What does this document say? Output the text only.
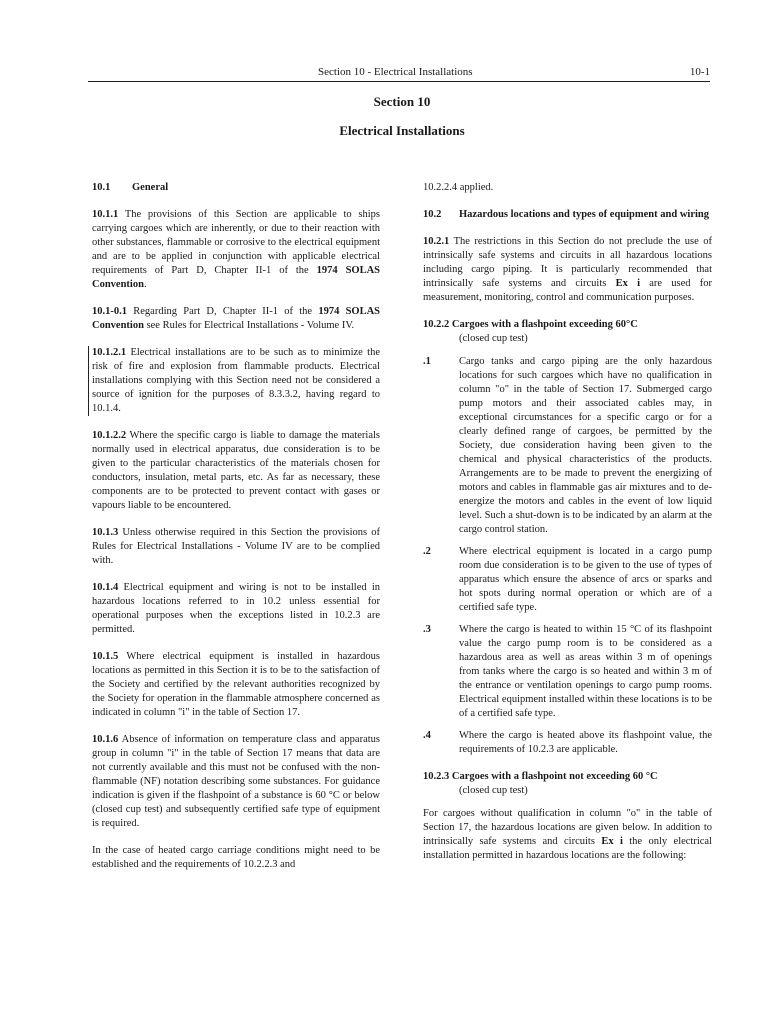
Section 10 - Electrical Installations	10-1
Section 10
Electrical Installations
10.1 General

10.1.1 The provisions of this Section are applicable to ships carrying cargoes which are inherently, or due to their reaction with other substances, flammable or corrosive to the electrical equipment and are to be applied in conjunction with applicable electrical requirements of Part D, Chapter II-1 of the 1974 SOLAS Convention.

10.1-0.1 Regarding Part D, Chapter II-1 of the 1974 SOLAS Convention see Rules for Electrical Installations - Volume IV.

10.1.2.1 Electrical installations are to be such as to minimize the risk of fire and explosion from flammable products. Electrical installations complying with this Section need not be considered a source of ignition for the purposes of 8.3.3.2, having regard to 10.1.4.

10.1.2.2 Where the specific cargo is liable to damage the materials normally used in electrical apparatus, due consideration is to be given to the particular characteristics of the materials chosen for conductors, insulation, metal parts, etc. As far as necessary, these components are to be protected to prevent contact with gases or vapours liable to be encountered.

10.1.3 Unless otherwise required in this Section the provisions of Rules for Electrical Installations - Volume IV are to be complied with.

10.1.4 Electrical equipment and wiring is not to be installed in hazardous locations referred to in 10.2 unless essential for operational purposes when the exceptions listed in 10.2.3 are permitted.

10.1.5 Where electrical equipment is installed in hazardous locations as permitted in this Section it is to be to the satisfaction of the Society and certified by the relevant authorities recognized by the Society for operation in the flammable atmosphere concerned as indicated in column "i" in the table of Section 17.

10.1.6 Absence of information on temperature class and apparatus group in column "i" in the table of Section 17 means that data are not currently available and this must not be confused with the non-flammable (NF) notation describing some substances. For guidance indication is given if the flashpoint of a substance is 60 °C or below (closed cup test) and subsequently certified safe type of equipment is required.

In the case of heated cargo carriage conditions might need to be established and the requirements of 10.2.2.3 and

10.2.2.4 applied.

10.2	Hazardous locations and types of equipment and wiring

10.2.1 The restrictions in this Section do not preclude the use of intrinsically safe systems and circuits in all hazardous locations including cargo piping. It is particularly recommended that intrinsically safe systems and circuits Ex i are used for measurement, monitoring, control and communication purposes.

10.2.2 Cargoes with a flashpoint exceeding 60°C
(closed cup test)
.1	Cargo tanks and cargo piping are the only hazardous locations for such cargoes which have no qualification in column "o" in the table of Section 17. Submerged cargo pump motors and their associated cables may, in exceptional circumstances for a specific cargo or for a clearly defined range of cargoes, be permitted by the Society, due consideration having been given to the chemical and physical characteristics of the products. Arrangements are to be made to prevent the energizing of motors and cables in flammable gas air mixtures and to de-energize the motors and cables in the event of low liquid level. Such a shut-down is to be indicated by an alarm at the cargo control station.
.2	Where electrical equipment is located in a cargo pump room due consideration is to be given to the use of types of apparatus which ensure the absence of arcs or sparks and hot spots during normal operation or which are of a certified safe type.
.3	Where the cargo is heated to within 15 °C of its flashpoint value the cargo pump room is to be considered as a hazardous area as well as areas within 3 m of openings from tanks where the cargo is so heated and within 3 m of the entrance or ventilation openings to cargo pump rooms. Electrical equipment installed within these locations is to be of a certified safe type.
.4	Where the cargo is heated above its flashpoint value, the requirements of 10.2.3 are applicable.
10.2.3 Cargoes with a flashpoint not exceeding 60 °C
(closed cup test)

For cargoes without qualification in column "o" in the table of Section 17, the hazardous locations are given below. In addition to intrinsically safe systems and circuits Ex i the only electrical installation permitted in hazardous locations are the following:
